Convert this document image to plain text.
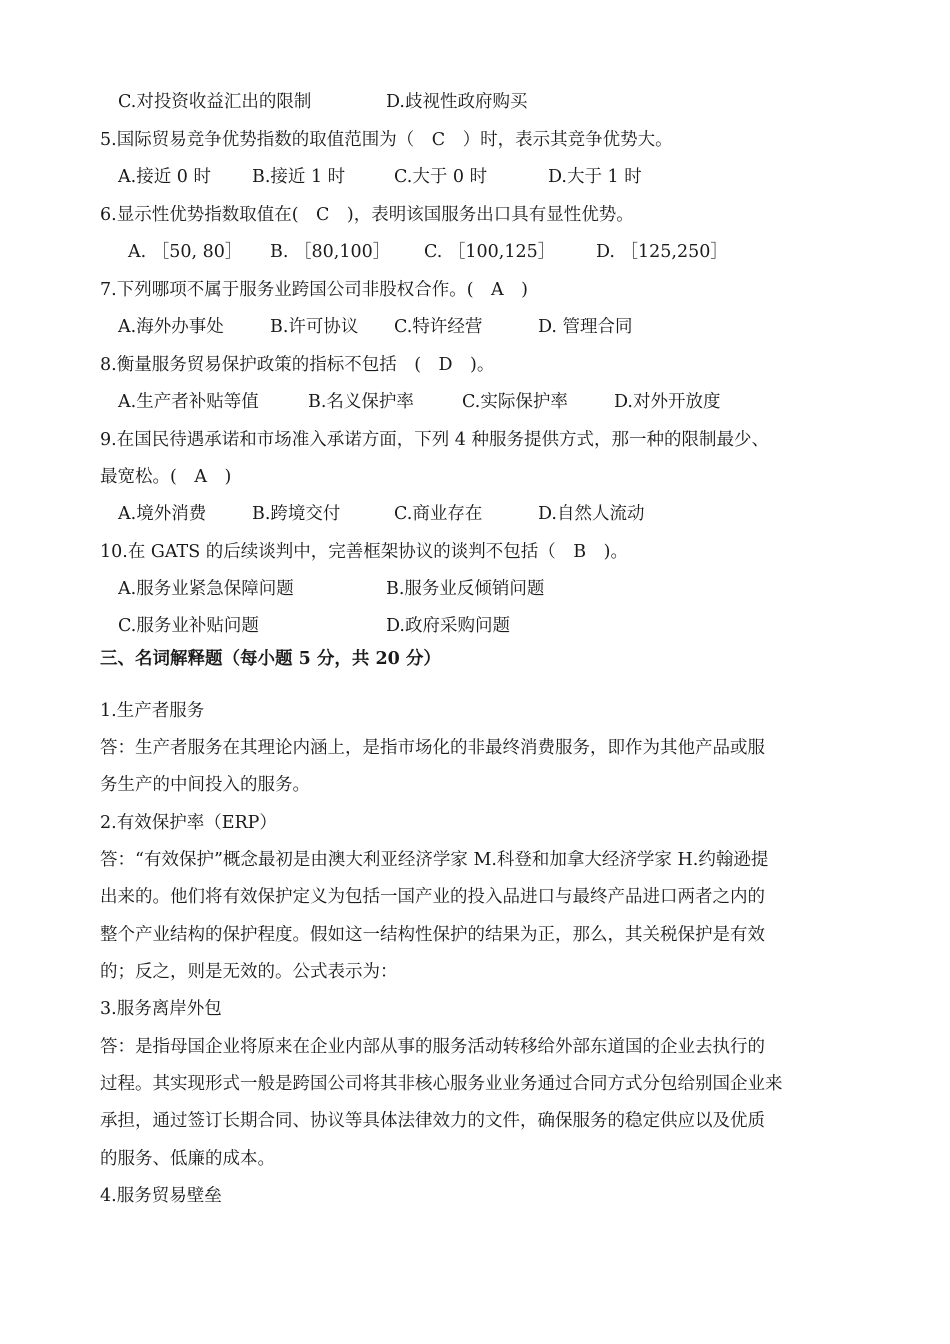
C.对投资收益汇出的限制	D.歧视性政府购买
5.国际贸易竞争优势指数的取值范围为（　C　）时，表示其竞争优势大。
A.接近 0 时 B.接近 1 时	C.大于 0 时	D.大于 1 时
6.显示性优势指数取值在(　C　)，表明该国服务出口具有显性优势。
A. ［50, 80］ B. ［80,100］ C. ［100,125］ D. ［125,250］
7.下列哪项不属于服务业跨国公司非股权合作。(　A　)
A.海外办事处	B.许可协议 C.特许经营	D. 管理合同
8.衡量服务贸易保护政策的指标不包括　(　D　)。
A.生产者补贴等值	B.名义保护率	C.实际保护率	D.对外开放度
9.在国民待遇承诺和市场准入承诺方面，下列 4 种服务提供方式，那一种的限制最少、
最宽松。(　A　)
A.境外消费	B.跨境交付	C.商业存在	D.自然人流动
10.在 GATS 的后续谈判中，完善框架协议的谈判不包括（　B　)。
A.服务业紧急保障问题	B.服务业反倾销问题
C.服务业补贴问题	D.政府采购问题
三、名词解释题（每小题 5 分，共 20 分）
1.生产者服务
答：生产者服务在其理论内涵上，是指市场化的非最终消费服务，即作为其他产品或服
务生产的中间投入的服务。
2.有效保护率（ERP）
答：“有效保护”概念最初是由澳大利亚经济学家 M.科登和加拿大经济学家 H.约翰逊提
出来的。他们将有效保护定义为包括一国产业的投入品进口与最终产品进口两者之内的
整个产业结构的保护程度。假如这一结构性保护的结果为正，那么，其关税保护是有效
的；反之，则是无效的。公式表示为：
3.服务离岸外包
答：是指母国企业将原来在企业内部从事的服务活动转移给外部东道国的企业去执行的
过程。其实现形式一般是跨国公司将其非核心服务业业务通过合同方式分包给别国企业来
承担，通过签订长期合同、协议等具体法律效力的文件，确保服务的稳定供应以及优质
的服务、低廉的成本。
4.服务贸易壁垒
